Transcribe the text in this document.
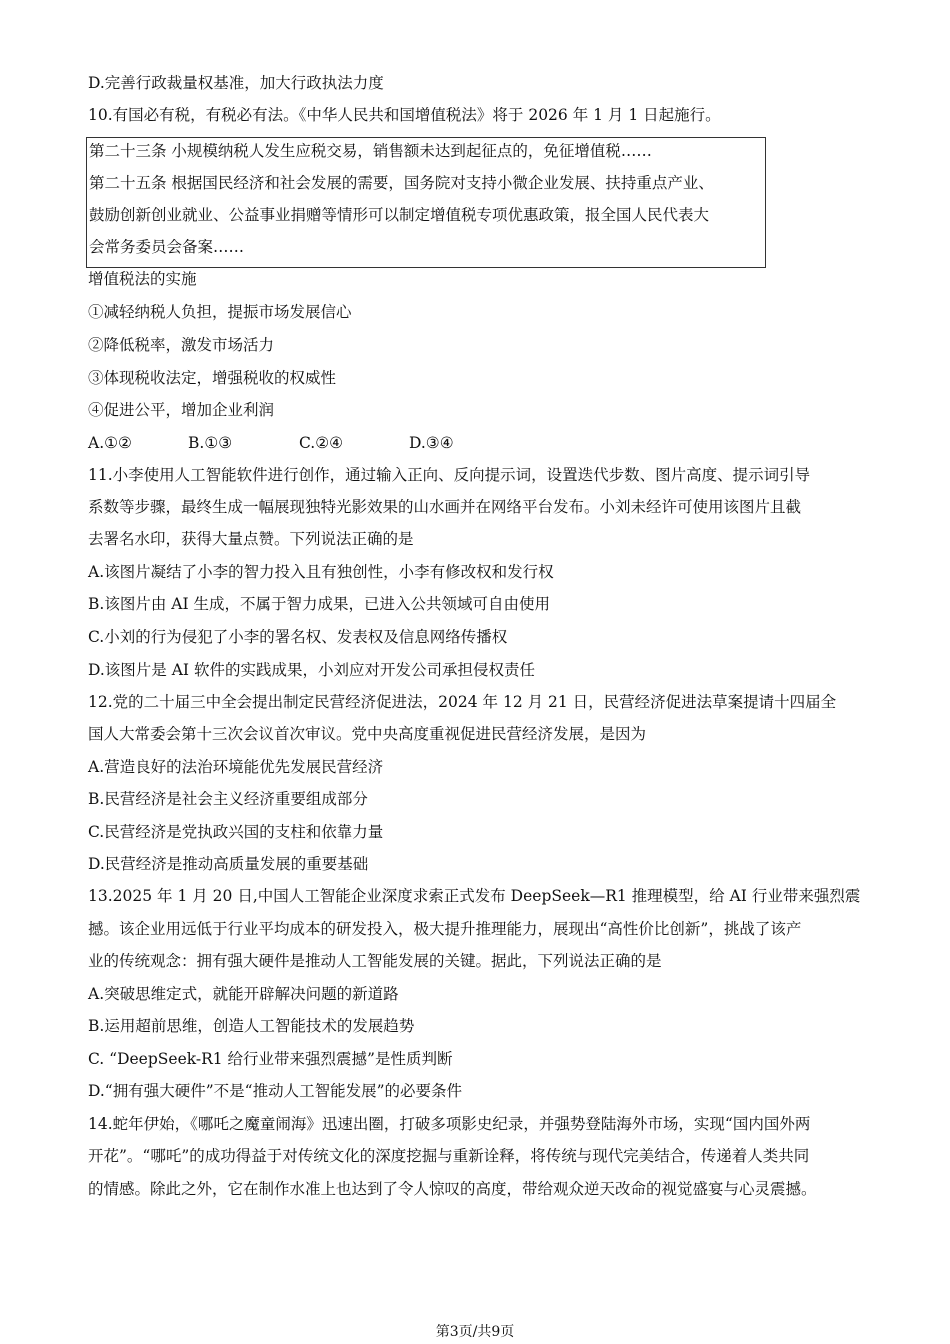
D.完善行政裁量权基准，加大行政执法力度
10.有国必有税，有税必有法。《中华人民共和国增值税法》将于 2026 年 1 月 1 日起施行。
第二十三条 小规模纳税人发生应税交易，销售额未达到起征点的，免征增值税……
第二十五条 根据国民经济和社会发展的需要，国务院对支持小微企业发展、扶持重点产业、
鼓励创新创业就业、公益事业捐赠等情形可以制定增值税专项优惠政策，报全国人民代表大
会常务委员会备案……
增值税法的实施
①减轻纳税人负担，提振市场发展信心
②降低税率，激发市场活力
③体现税收法定，增强税收的权威性
④促进公平，增加企业利润
A.①②	B.①③	C.②④	D.③④
11.小李使用人工智能软件进行创作，通过输入正向、反向提示词，设置迭代步数、图片高度、提示词引导
系数等步骤，最终生成一幅展现独特光影效果的山水画并在网络平台发布。小刘未经许可使用该图片且截
去署名水印，获得大量点赞。下列说法正确的是
A.该图片凝结了小李的智力投入且有独创性，小李有修改权和发行权
B.该图片由 AI 生成，不属于智力成果，已进入公共领域可自由使用
C.小刘的行为侵犯了小李的署名权、发表权及信息网络传播权
D.该图片是 AI 软件的实践成果，小刘应对开发公司承担侵权责任
12.党的二十届三中全会提出制定民营经济促进法，2024 年 12 月 21 日，民营经济促进法草案提请十四届全
国人大常委会第十三次会议首次审议。党中央高度重视促进民营经济发展，是因为
A.营造良好的法治环境能优先发展民营经济
B.民营经济是社会主义经济重要组成部分
C.民营经济是党执政兴国的支柱和依靠力量
D.民营经济是推动高质量发展的重要基础
13.2025 年 1 月 20 日,中国人工智能企业深度求索正式发布 DeepSeek—R1 推理模型，给 AI 行业带来强烈震
撼。该企业用远低于行业平均成本的研发投入，极大提升推理能力，展现出“高性价比创新”，挑战了该产
业的传统观念：拥有强大硬件是推动人工智能发展的关键。据此，下列说法正确的是
A.突破思维定式，就能开辟解决问题的新道路
B.运用超前思维，创造人工智能技术的发展趋势
C. “DeepSeek-R1 给行业带来强烈震撼”是性质判断
D.“拥有强大硬件”不是“推动人工智能发展”的必要条件
14.蛇年伊始，《哪吒之魔童闹海》迅速出圈，打破多项影史纪录，并强势登陆海外市场，实现“国内国外两
开花”。“哪吒”的成功得益于对传统文化的深度挖掘与重新诠释，将传统与现代完美结合，传递着人类共同
的情感。除此之外，它在制作水准上也达到了令人惊叹的高度，带给观众逆天改命的视觉盛宴与心灵震撼。
第3页/共9页
